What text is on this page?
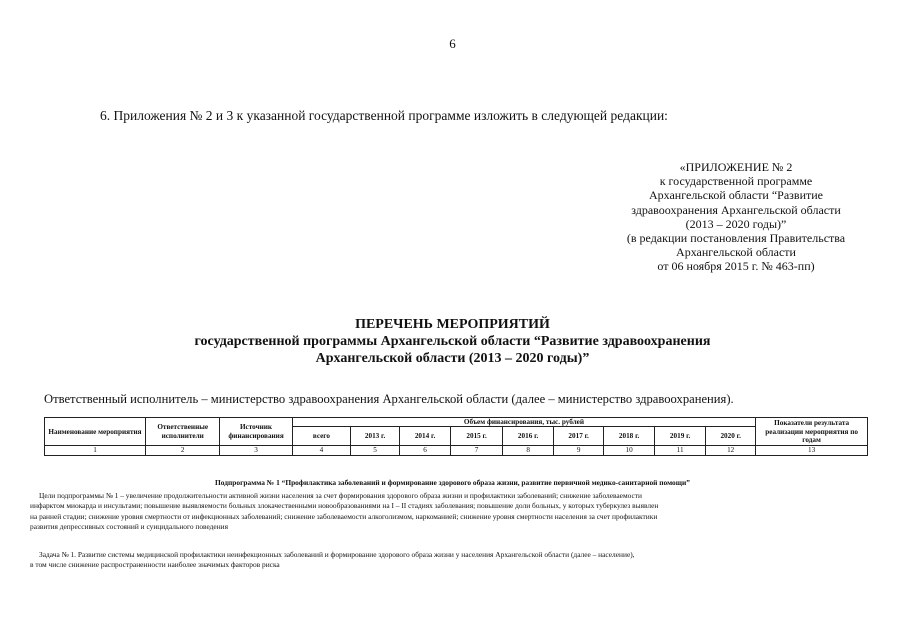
6
6. Приложения № 2 и 3 к указанной государственной программе изложить в следующей редакции:
«ПРИЛОЖЕНИЕ № 2
к государственной программе
Архангельской области “Развитие
здравоохранения Архангельской области
(2013 – 2020 годы)”
(в редакции постановления Правительства
Архангельской области
от 06 ноября 2015 г. № 463-пп)
ПЕРЕЧЕНЬ МЕРОПРИЯТИЙ
государственной программы Архангельской области “Развитие здравоохранения
Архангельской области (2013 – 2020 годы)”
Ответственный исполнитель – министерство здравоохранения Архангельской области (далее – министерство здравоохранения).
Наименование мероприятия	Ответственные исполнители	Источник финансирования	Объем финансирования, тыс. рублей									Показатели результата реализации мероприятия по годам
			всего	2013 г.	2014 г.	2015 г.	2016 г.	2017 г.	2018 г.	2019 г.	2020 г.	
1	2	3	4	5	6	7	8	9	10	11	12	13
Подпрограмма № 1 “Профилактика заболеваний и формирование здорового образа жизни, развитие первичной медико-санитарной помощи”
Цели подпрограммы № 1 – увеличение продолжительности активной жизни населения за счет формирования здорового образа жизни и профилактики заболеваний; снижение заболеваемости
инфарктом миокарда и инсультами; повышение выявляемости больных злокачественными новообразованиями на I – II стадиях заболевания; повышение доли больных, у которых туберкулез выявлен
на ранней стадии; снижение уровня смертности от инфекционных заболеваний; снижение заболеваемости алкоголизмом, наркоманией; снижение уровня смертности населения за счет профилактики
развития депрессивных состояний и суицидального поведения
Задача № 1. Развитие системы медицинской профилактики неинфекционных заболеваний и формирование здорового образа жизни у населения Архангельской области (далее – население),
в том числе снижение распространенности наиболее значимых факторов риска
